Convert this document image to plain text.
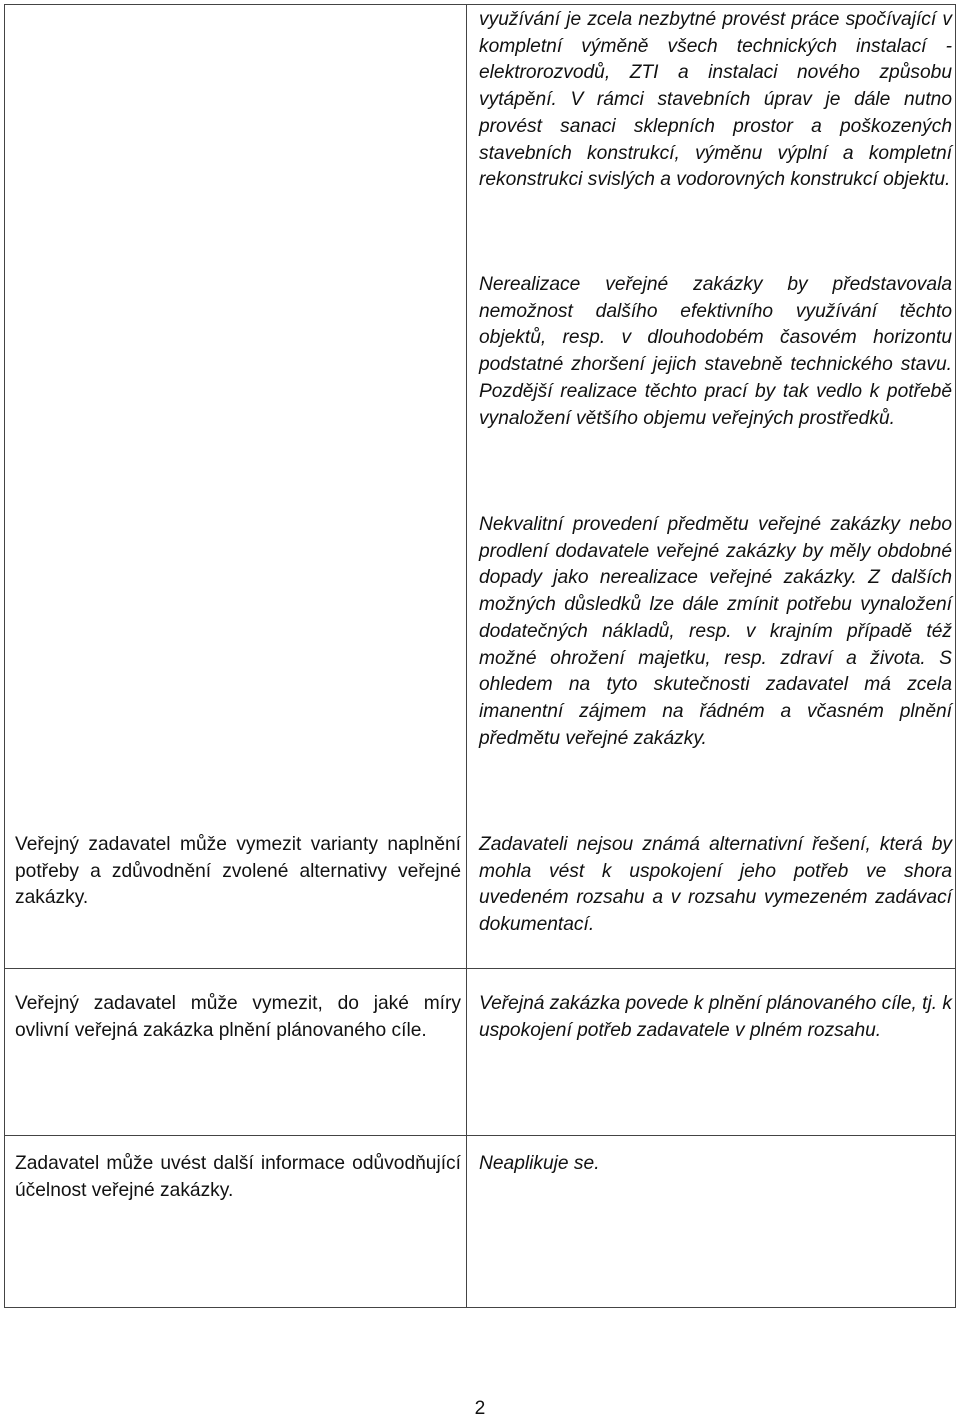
využívání je zcela nezbytné provést práce spočívající v kompletní výměně všech technických instalací - elektrorozvodů, ZTI a instalaci nového způsobu vytápění. V rámci stavebních úprav je dále nutno provést sanaci sklepních prostor a poškozených stavebních konstrukcí, výměnu výplní a kompletní rekonstrukci svislých a vodorovných konstrukcí objektu.

Nerealizace veřejné zakázky by představovala nemožnost dalšího efektivního využívání těchto objektů, resp. v dlouhodobém časovém horizontu podstatné zhoršení jejich stavebně technického stavu. Pozdější realizace těchto prací by tak vedlo k potřebě vynaložení většího objemu veřejných prostředků.

Nekvalitní provedení předmětu veřejné zakázky nebo prodlení dodavatele veřejné zakázky by měly obdobné dopady jako nerealizace veřejné zakázky. Z dalších možných důsledků lze dále zmínit potřebu vynaložení dodatečných nákladů, resp. v krajním případě též možné ohrožení majetku, resp. zdraví a života. S ohledem na tyto skutečnosti zadavatel má zcela imanentní zájmem na řádném a včasném plnění předmětu veřejné zakázky.

Zadavateli nejsou známá alternativní řešení, která by mohla vést k uspokojení jeho potřeb ve shora uvedeném rozsahu a v rozsahu vymezeném zadávací dokumentací.

Veřejný zadavatel může vymezit varianty naplnění potřeby a zdůvodnění zvolené alternativy veřejné zakázky.

Veřejný zadavatel může vymezit, do jaké míry ovlivní veřejná zakázka plnění plánovaného cíle.

Veřejná zakázka povede k plnění plánovaného cíle, tj. k uspokojení potřeb zadavatele v plném rozsahu.

Zadavatel může uvést další informace odůvodňující účelnost veřejné zakázky.

Neaplikuje se.

2
